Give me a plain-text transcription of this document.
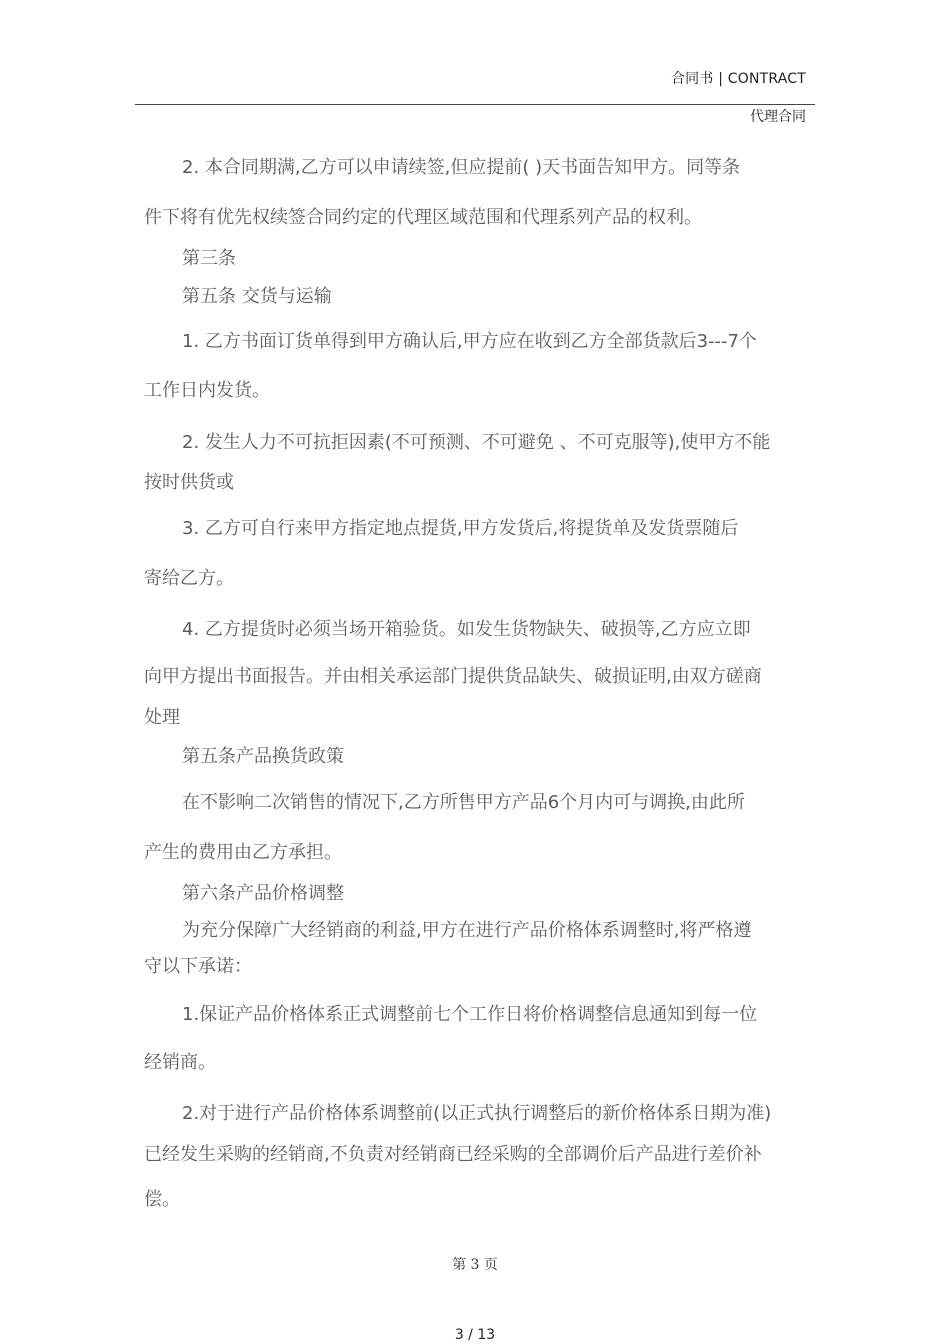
合同书 | CONTRACT
代理合同
2. 本合同期满,乙方可以申请续签,但应提前( )天书面告知甲方。同等条
件下将有优先权续签合同约定的代理区域范围和代理系列产品的权利。
第三条
第五条 交货与运输
1. 乙方书面订货单得到甲方确认后,甲方应在收到乙方全部货款后3---7个
工作日内发货。
2. 发生人力不可抗拒因素(不可预测、不可避免 、不可克服等),使甲方不能
按时供货或
3. 乙方可自行来甲方指定地点提货,甲方发货后,将提货单及发货票随后
寄给乙方。
4. 乙方提货时必须当场开箱验货。如发生货物缺失、破损等,乙方应立即
向甲方提出书面报告。并由相关承运部门提供货品缺失、破损证明,由双方磋商
处理
第五条产品换货政策
在不影响二次销售的情况下,乙方所售甲方产品6个月内可与调换,由此所
产生的费用由乙方承担。
第六条产品价格调整
为充分保障广大经销商的利益,甲方在进行产品价格体系调整时,将严格遵
守以下承诺：
1.保证产品价格体系正式调整前七个工作日将价格调整信息通知到每一位
经销商。
2.对于进行产品价格体系调整前(以正式执行调整后的新价格体系日期为准)
已经发生采购的经销商,不负责对经销商已经采购的全部调价后产品进行差价补
偿。
第 3 页
3 / 13
